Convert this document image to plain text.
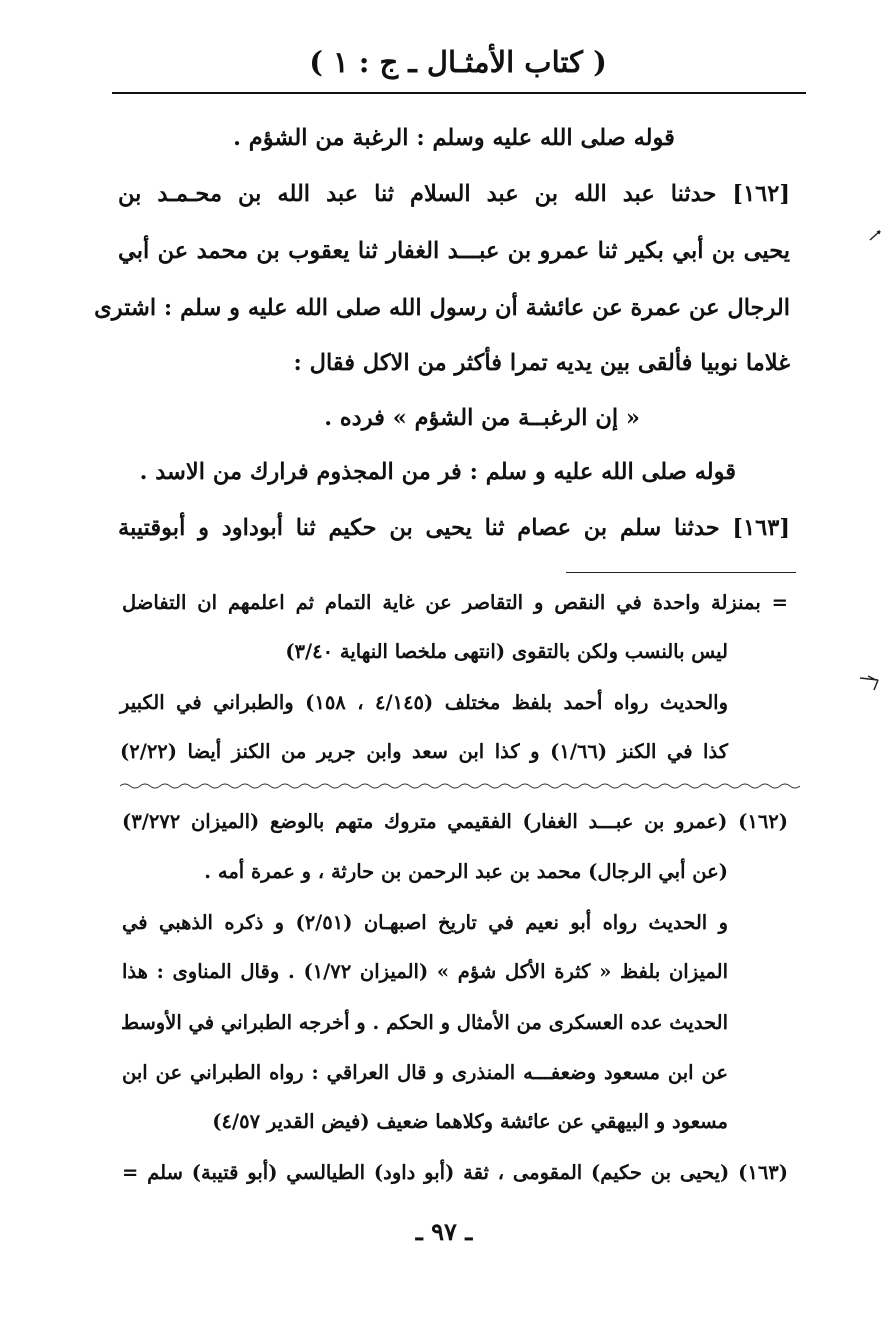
( كتاب الأمثـال ـ ج : ١ )
قوله صلى الله عليه وسلم : الرغبة من الشؤم .
[١٦٢] حدثنا عبد الله بن عبد السلام ثنا عبد الله بن محـمـد بن
يحيى بن أبي بكير ثنا عمرو بن عبـــد الغفار ثنا يعقوب بن محمد عن أبي
الرجال عن عمرة عن عائشة أن رسول الله صلى الله عليه و سلم : اشترى
غلاما نوبيا فألقى بين يديه تمرا فأكثر من الاكل فقال :
« إن الرغبــة من الشؤم » فرده .
قوله صلى الله عليه و سلم : فر من المجذوم فرارك من الاسد .
[١٦٣] حدثنا سلم بن عصام ثنا يحيى بن حكيم ثنا أبوداود و أبوقتيبة
= بمنزلة واحدة في النقص و التقاصر عن غاية التمام ثم اعلمهم ان التفاضل
ليس بالنسب ولكن بالتقوى (انتهى ملخصا النهاية ٣/٤٠)
والحديث رواه أحمد بلفظ مختلف (٤/١٤٥ ، ١٥٨) والطبراني في الكبير
كذا في الكنز (١/٦٦) و كذا ابن سعد وابن جرير من الكنز أيضا (٢/٢٢)
(١٦٢) (عمرو بن عبـــد الغفار) الفقيمي متروك متهم بالوضع (الميزان ٣/٢٧٢)
(عن أبي الرجال) محمد بن عبد الرحمن بن حارثة ، و عمرة أمه .
و الحديث رواه أبو نعيم في تاريخ اصبهـان (٢/٥١) و ذكره الذهبي في
الميزان بلفظ « كثرة الأكل شؤم » (الميزان ١/٧٢) . وقال المناوى : هذا
الحديث عده العسكرى من الأمثال و الحكم . و أخرجه الطبراني في الأوسط
عن ابن مسعود وضعفـــه المنذرى و قال العراقي : رواه الطبراني عن ابن
مسعود و البيهقي عن عائشة وكلاهما ضعيف (فيض القدير ٤/٥٧)
(١٦٣) (يحيى بن حكيم) المقومى ، ثقة (أبو داود) الطيالسي (أبو قتيبة) سلم =
ـ ٩٧ ـ
